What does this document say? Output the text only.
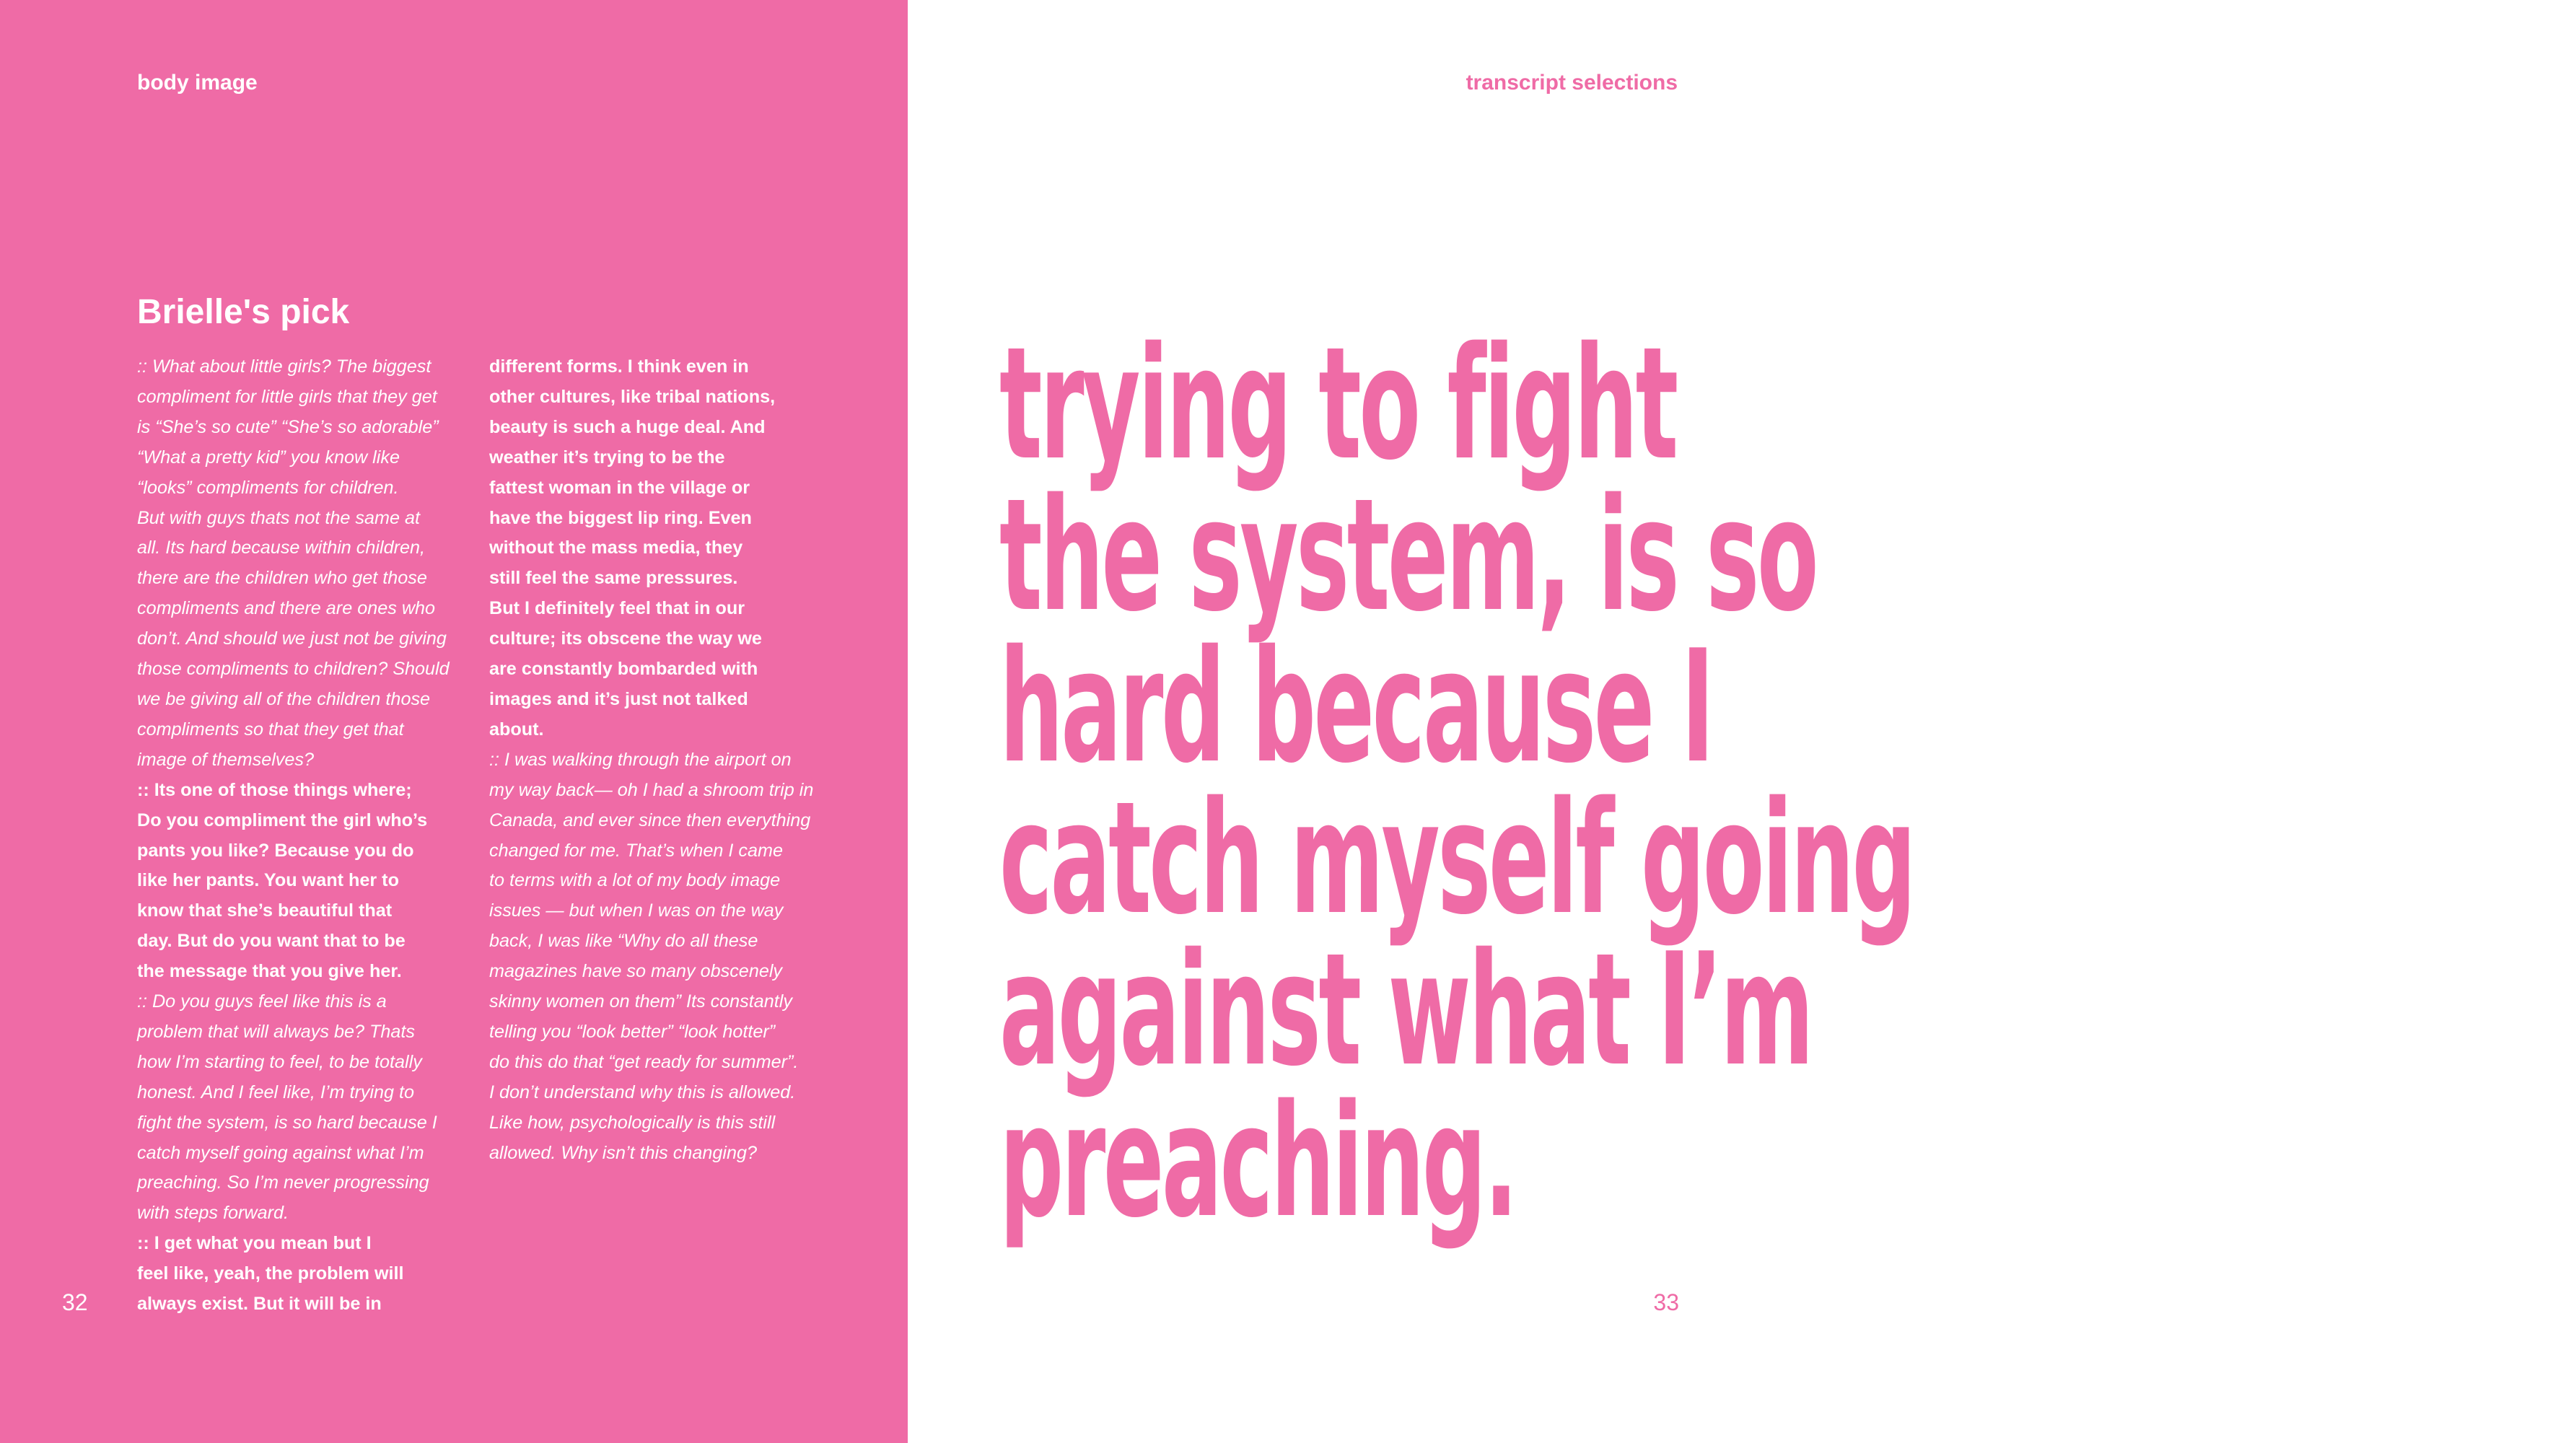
body image
Brielle's pick
:: What about little girls? The biggest
compliment for little girls that they get
is “She’s so cute” “She’s so adorable”
“What a pretty kid” you know like
“looks” compliments for children.
But with guys thats not the same at
all. Its hard because within children,
there are the children who get those
compliments and there are ones who
don’t. And should we just not be giving
those compliments to children? Should
we be giving all of the children those
compliments so that they get that
image of themselves?
:: Its one of those things where;
Do you compliment the girl who’s
pants you like? Because you do
like her pants. You want her to
know that she’s beautiful that
day. But do you want that to be
the message that you give her.
:: Do you guys feel like this is a
problem that will always be? Thats
how I’m starting to feel, to be totally
honest. And I feel like, I’m trying to
fight the system, is so hard because I
catch myself going against what I’m
preaching. So I’m never progressing
with steps forward.
:: I get what you mean but I
feel like, yeah, the problem will
always exist. But it will be in
different forms. I think even in
other cultures, like tribal nations,
beauty is such a huge deal. And
weather it’s trying to be the
fattest woman in the village or
have the biggest lip ring. Even
without the mass media, they
still feel the same pressures.
But I definitely feel that in our
culture; its obscene the way we
are constantly bombarded with
images and it’s just not talked
about.
:: I was walking through the airport on
my way back— oh I had a shroom trip in
Canada, and ever since then everything
changed for me. That’s when I came
to terms with a lot of my body image
issues — but when I was on the way
back, I was like “Why do all these
magazines have so many obscenely
skinny women on them” Its constantly
telling you “look better” “look hotter”
do this do that “get ready for summer”.
I don’t understand why this is allowed.
Like how, psychologically is this still
allowed. Why isn’t this changing?
32
transcript selections
33
trying to fight
the system, is so
hard because I
catch myself going
against what I’m
preaching.
